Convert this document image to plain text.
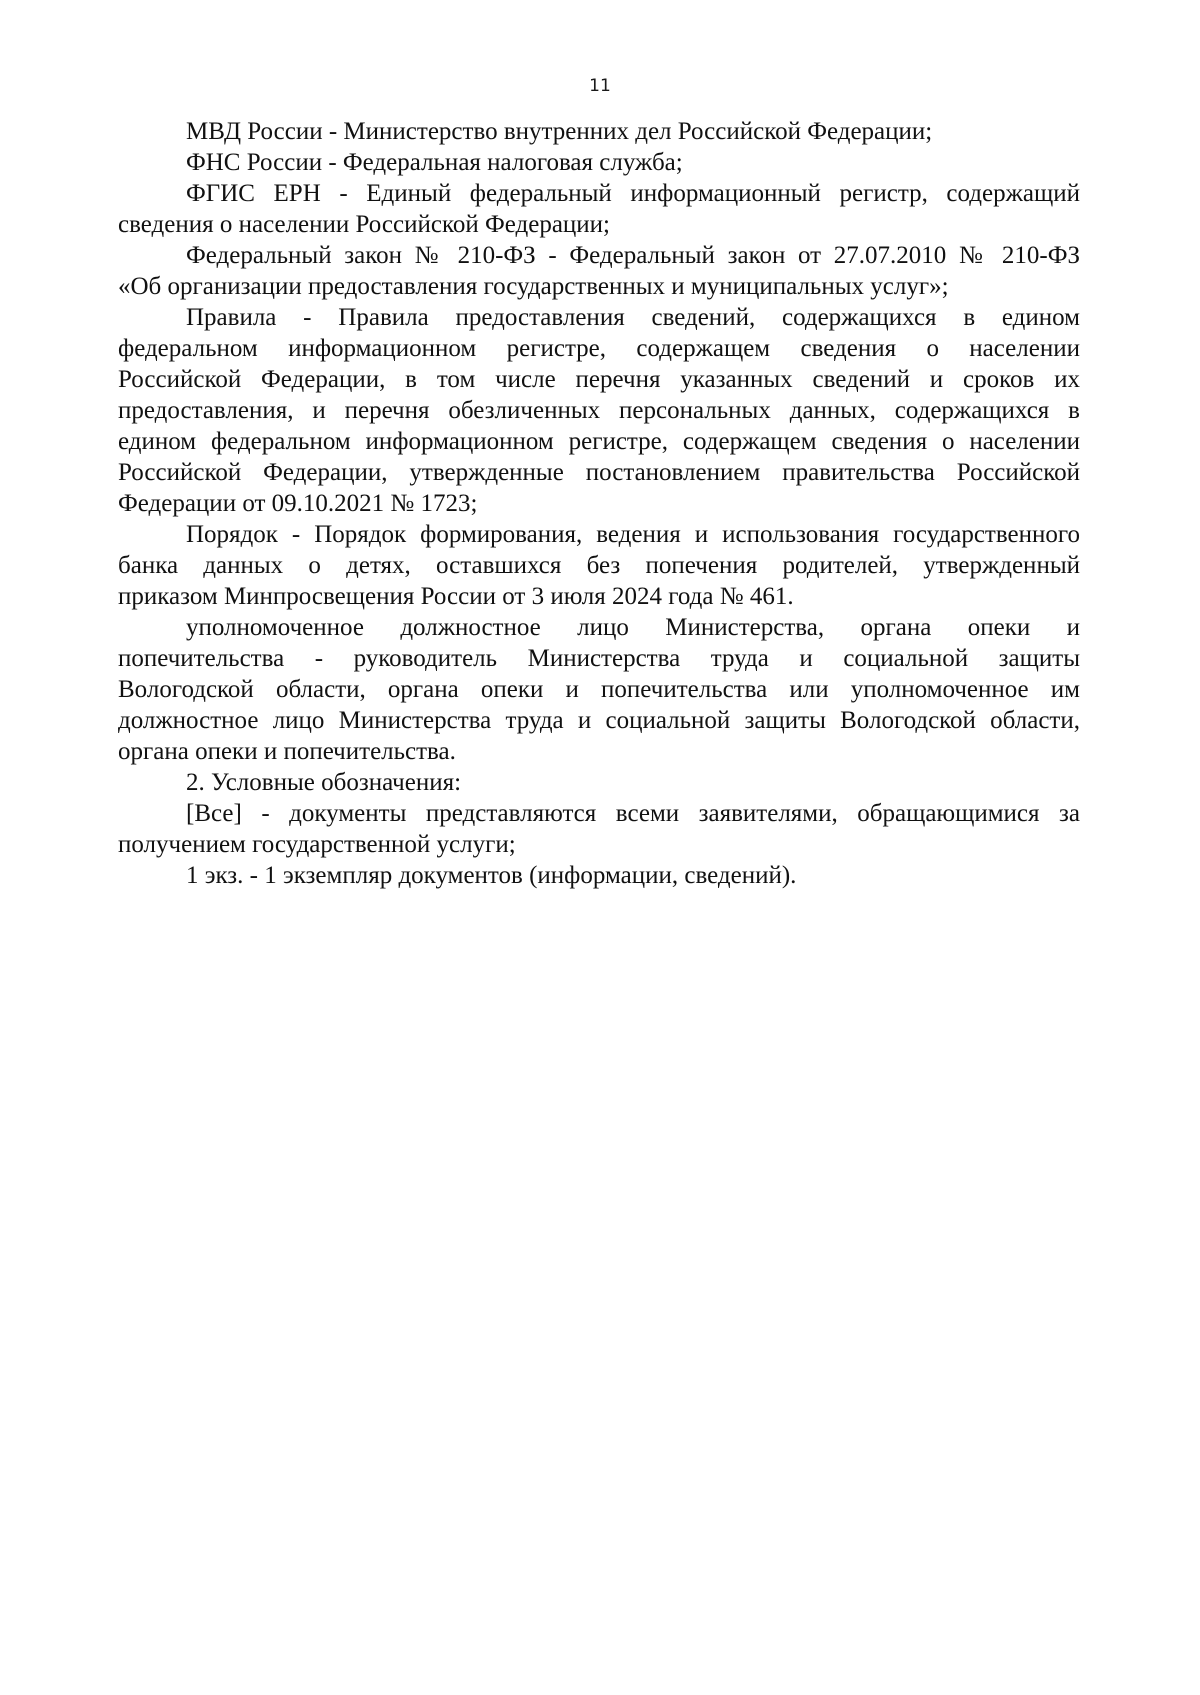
11
МВД России - Министерство внутренних дел Российской Федерации;
ФНС России - Федеральная налоговая служба;
ФГИС ЕРН - Единый федеральный информационный регистр, содержащий
сведения о населении Российской Федерации;
Федеральный закон № 210-ФЗ - Федеральный закон от 27.07.2010 № 210-ФЗ
«Об организации предоставления государственных и муниципальных услуг»;
Правила - Правила предоставления сведений, содержащихся в едином
федеральном информационном регистре, содержащем сведения о населении
Российской Федерации, в том числе перечня указанных сведений и сроков их
предоставления, и перечня обезличенных персональных данных, содержащихся в
едином федеральном информационном регистре, содержащем сведения о населении
Российской Федерации, утвержденные постановлением правительства Российской
Федерации от 09.10.2021 № 1723;
Порядок - Порядок формирования, ведения и использования государственного
банка данных о детях, оставшихся без попечения родителей, утвержденный
приказом Минпросвещения России от 3 июля 2024 года № 461.
уполномоченное должностное лицо Министерства, органа опеки и
попечительства - руководитель Министерства труда и социальной защиты
Вологодской области, органа опеки и попечительства или уполномоченное им
должностное лицо Министерства труда и социальной защиты Вологодской области,
органа опеки и попечительства.
2. Условные обозначения:
[Все] - документы представляются всеми заявителями, обращающимися за
получением государственной услуги;
1 экз. - 1 экземпляр документов (информации, сведений).
